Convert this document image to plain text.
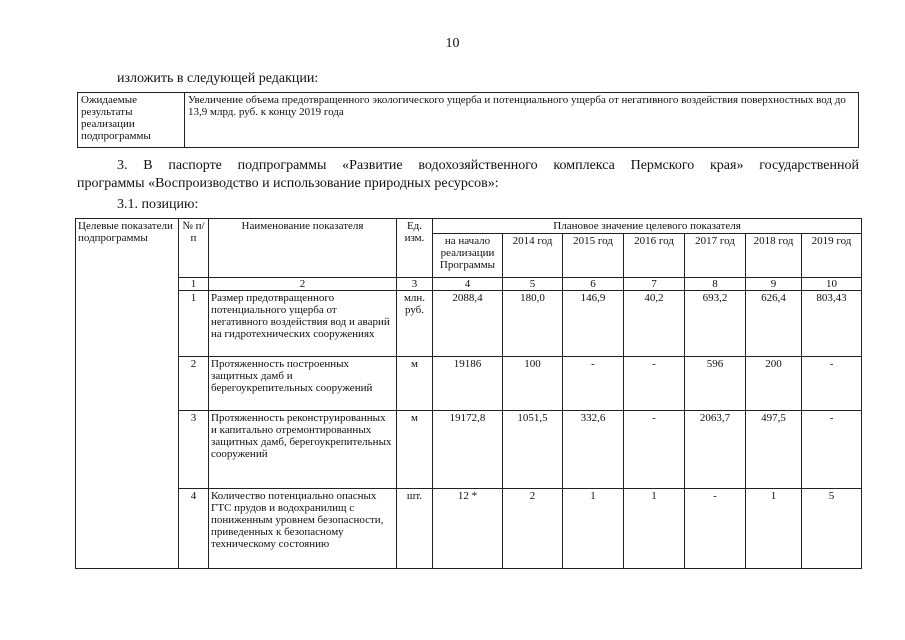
10
изложить в следующей редакции:
Ожидаемые результаты реализации подпрограммы	Увеличение объема предотвращенного экологического ущерба и потенциального ущерба от негативного воздействия поверхностных вод до 13,9 млрд. руб. к концу 2019 года
3. В паспорте подпрограммы «Развитие водохозяйственного комплекса Пермского края» государственной
программы «Воспроизводство и использование природных ресурсов»:
3.1. позицию:
Целевые показатели подпрограммы	№ п/п	Наименование показателя	Ед. изм.	Плановое значение целевого показателя						
				на начало реализации Программы	2014 год	2015 год	2016 год	2017 год	2018 год	2019 год
	1	2	3	4	5	6	7	8	9	10
	1	Размер предотвращенного потенциального ущерба от негативного воздействия вод и аварий на гидротехнических сооружениях	млн. руб.	2088,4	180,0	146,9	40,2	693,2	626,4	803,43
	2	Протяженность построенных защитных дамб и берегоукрепительных сооружений	м	19186	100	-	-	596	200	-
	3	Протяженность реконструированных и капитально отремонтированных защитных дамб, берегоукрепительных сооружений	м	19172,8	1051,5	332,6	-	2063,7	497,5	-
	4	Количество потенциально опасных ГТС прудов и водохранилищ с пониженным уровнем безопасности, приведенных к безопасному техническому состоянию	шт.	12 *	2	1	1	-	1	5
